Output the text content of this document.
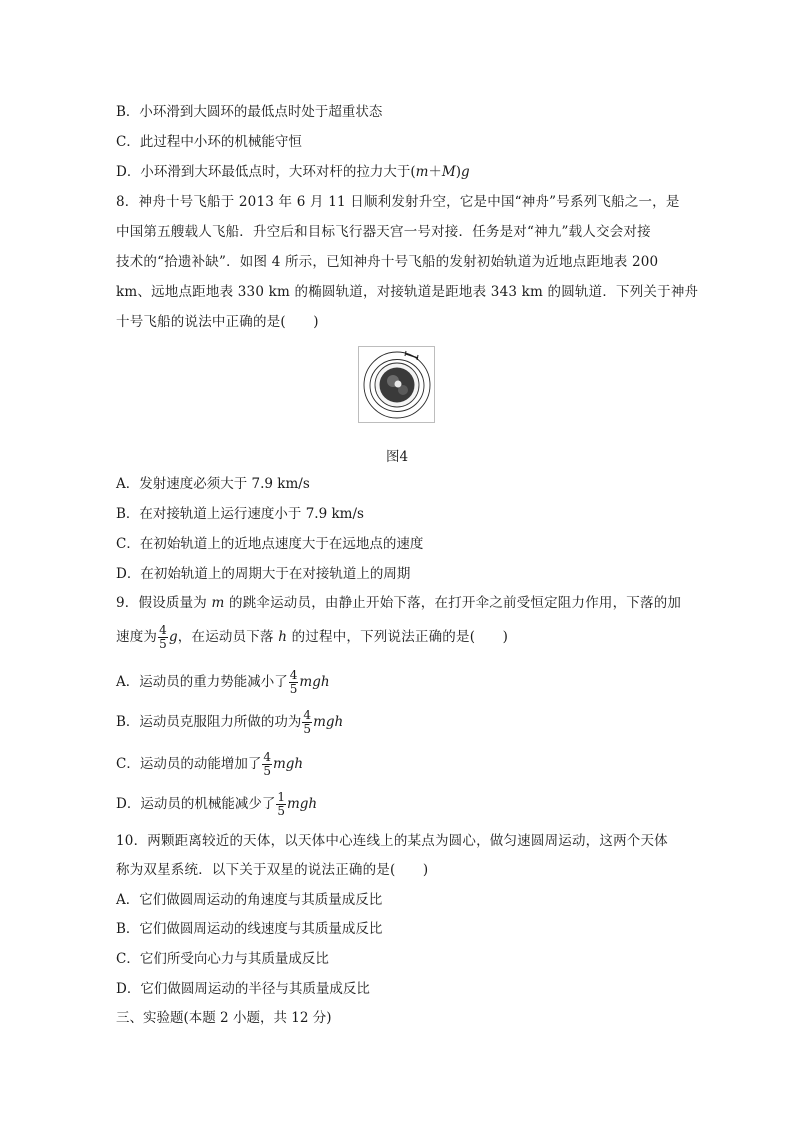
B．小环滑到大圆环的最低点时处于超重状态
C．此过程中小环的机械能守恒
D．小环滑到大环最低点时，大环对杆的拉力大于(m＋M)g
8．神舟十号飞船于 2013 年 6 月 11 日顺利发射升空，它是中国“神舟”号系列飞船之一，是
中国第五艘载人飞船．升空后和目标飞行器天宫一号对接．任务是对“神九”载人交会对接
技术的“拾遗补缺”．如图 4 所示，已知神舟十号飞船的发射初始轨道为近地点距地表 200
km、远地点距地表 330 km 的椭圆轨道，对接轨道是距地表 343 km 的圆轨道．下列关于神舟
十号飞船的说法中正确的是(　　)
图4
A．发射速度必须大于 7.9 km/s
B．在对接轨道上运行速度小于 7.9 km/s
C．在初始轨道上的近地点速度大于在远地点的速度
D．在初始轨道上的周期大于在对接轨道上的周期
9．假设质量为 m 的跳伞运动员，由静止开始下落，在打开伞之前受恒定阻力作用，下落的加
速度为 $\frac{4}{5}$ g，在运动员下落 h 的过程中，下列说法正确的是(　　)
A．运动员的重力势能减小了 $\frac{4}{5}$ mgh
B．运动员克服阻力所做的功为 $\frac{4}{5}$ mgh
C．运动员的动能增加了 $\frac{4}{5}$ mgh
D．运动员的机械能减少了 $\frac{1}{5}$ mgh
10．两颗距离较近的天体，以天体中心连线上的某点为圆心，做匀速圆周运动，这两个天体
称为双星系统．以下关于双星的说法正确的是(　　)
A．它们做圆周运动的角速度与其质量成反比
B．它们做圆周运动的线速度与其质量成反比
C．它们所受向心力与其质量成反比
D．它们做圆周运动的半径与其质量成反比
三、实验题(本题 2 小题，共 12 分)
